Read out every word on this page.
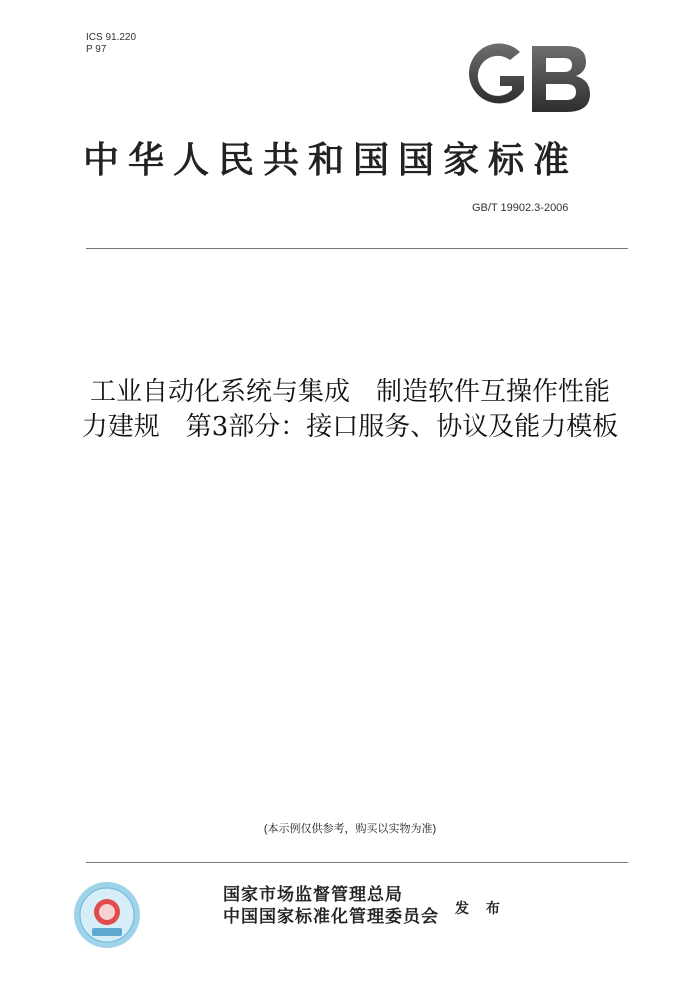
ICS 91.220
P 97
中华人民共和国国家标准
GB/T 19902.3-2006
工业自动化系统与集成　制造软件互操作性能
力建规　第3部分：接口服务、协议及能力模板
(本示例仅供参考，购买以实物为准)
国家市场监督管理总局
中国国家标准化管理委员会 发 布
